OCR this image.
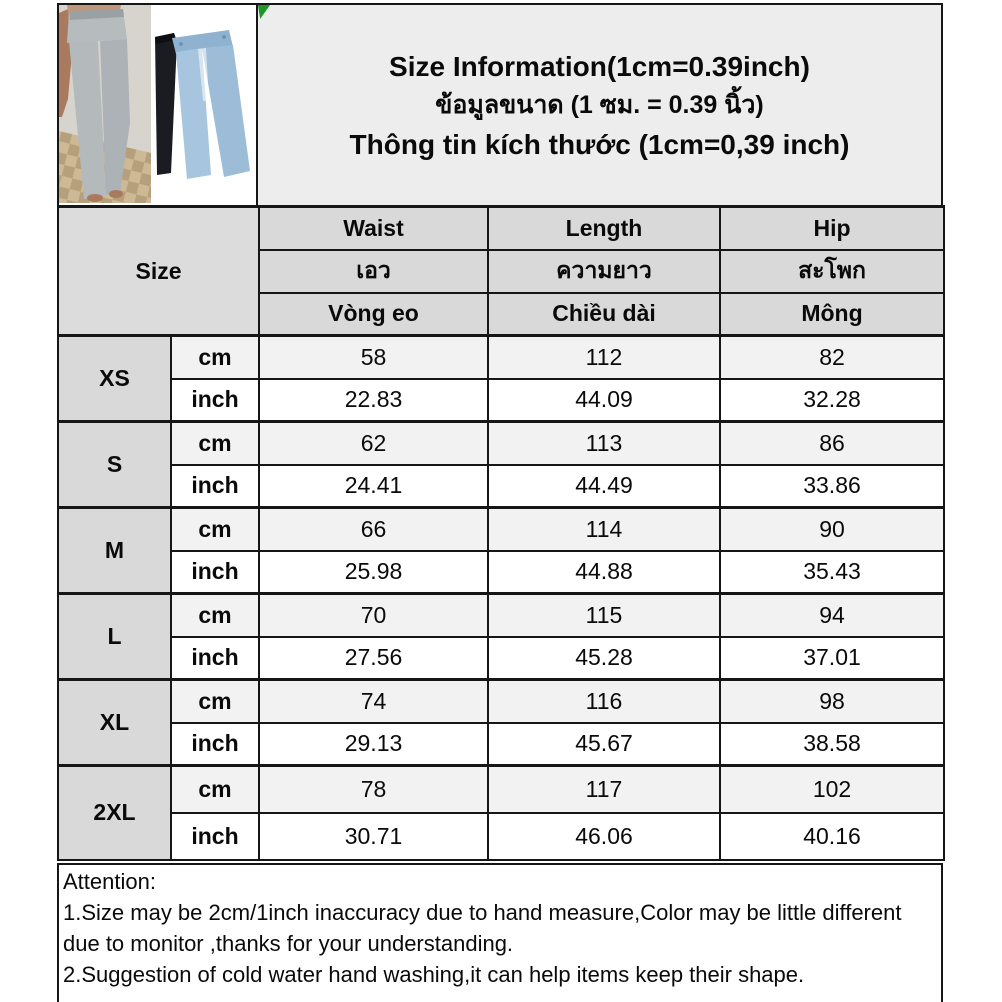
Size Information(1cm=0.39inch)
ข้อมูลขนาด (1 ซม. = 0.39 นิ้ว)
Thông tin kích thước (1cm=0,39 inch)
Size		Waist	Length	Hip
		เอว	ความยาว	สะโพก
		Vòng eo	Chiều dài	Mông
XS	cm	58	112	82
	inch	22.83	44.09	32.28
S	cm	62	113	86
	inch	24.41	44.49	33.86
M	cm	66	114	90
	inch	25.98	44.88	35.43
L	cm	70	115	94
	inch	27.56	45.28	37.01
XL	cm	74	116	98
	inch	29.13	45.67	38.58
2XL	cm	78	117	102
	inch	30.71	46.06	40.16
Attention:
1.Size may be 2cm/1inch inaccuracy due to hand measure,Color may be little different due to monitor ,thanks for your understanding.
2.Suggestion of cold water hand washing,it can help items keep their shape.
